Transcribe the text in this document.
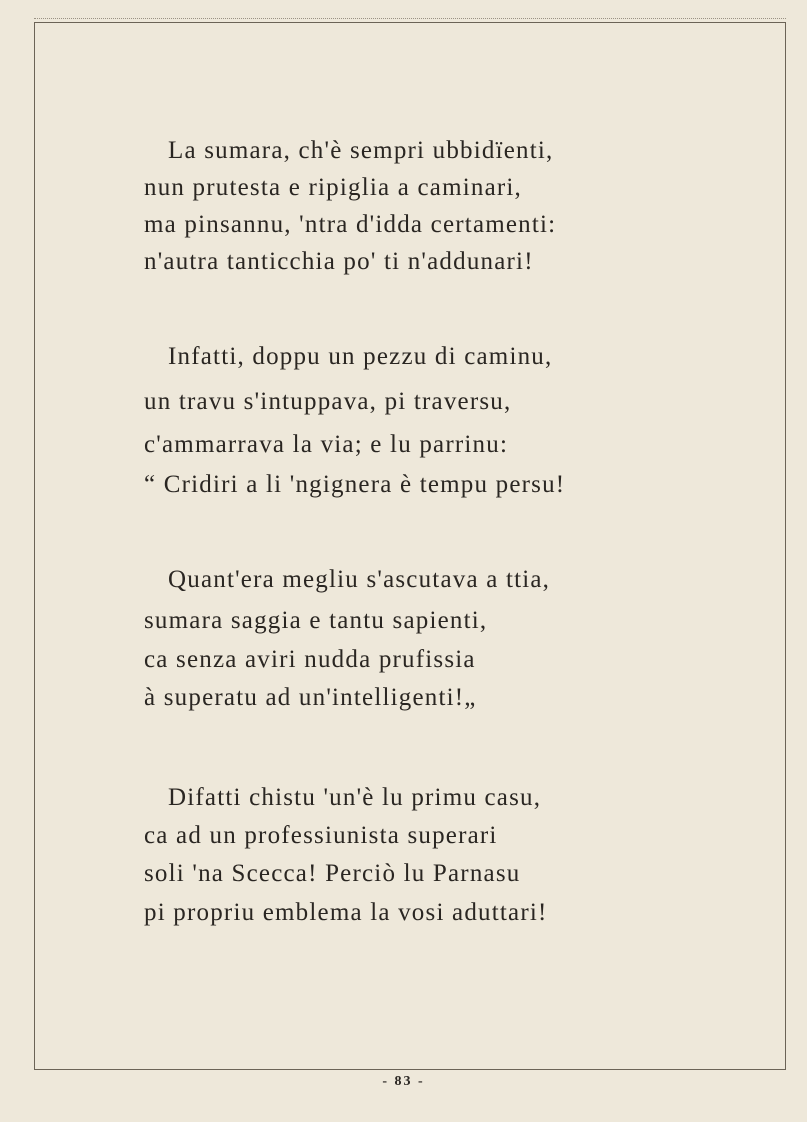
La sumara, ch'è sempri ubbidïenti,
nun prutesta e ripiglia a caminari,
ma pinsannu, 'ntra d'idda certamenti:
n'autra tanticchia po' ti n'addunari!
Infatti, doppu un pezzu di caminu,
un travu s'intuppava, pi traversu,
c'ammarrava la via; e lu parrinu:
“ Cridiri a li 'ngignera è tempu persu!
Quant'era megliu s'ascutava a ttia,
sumara saggia e tantu sapienti,
ca senza aviri nudda prufissia
à superatu ad un'intelligenti!„
Difatti chistu 'un'è lu primu casu,
ca ad un professiunista superari
soli 'na Scecca! Perciò lu Parnasu
pi propriu emblema la vosi aduttari!
- 83 -
